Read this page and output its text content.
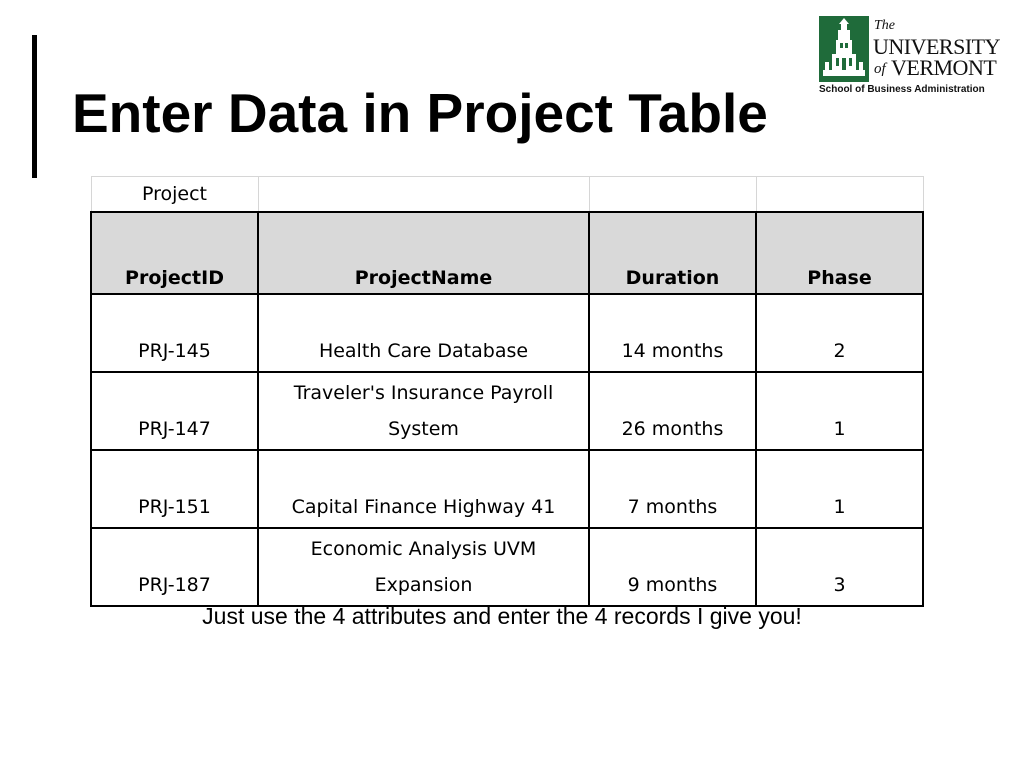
Enter Data in Project Table
The
UNIVERSITY
of VERMONT
School of Business Administration
Project			
ProjectID	ProjectName	Duration	Phase
PRJ-145	Health Care Database	14 months	2
PRJ-147	Traveler's Insurance Payroll System	26 months	1
PRJ-151	Capital Finance Highway 41	7 months	1
PRJ-187	Economic Analysis UVM Expansion	9 months	3
Just use the 4 attributes and enter the 4 records I give you!
